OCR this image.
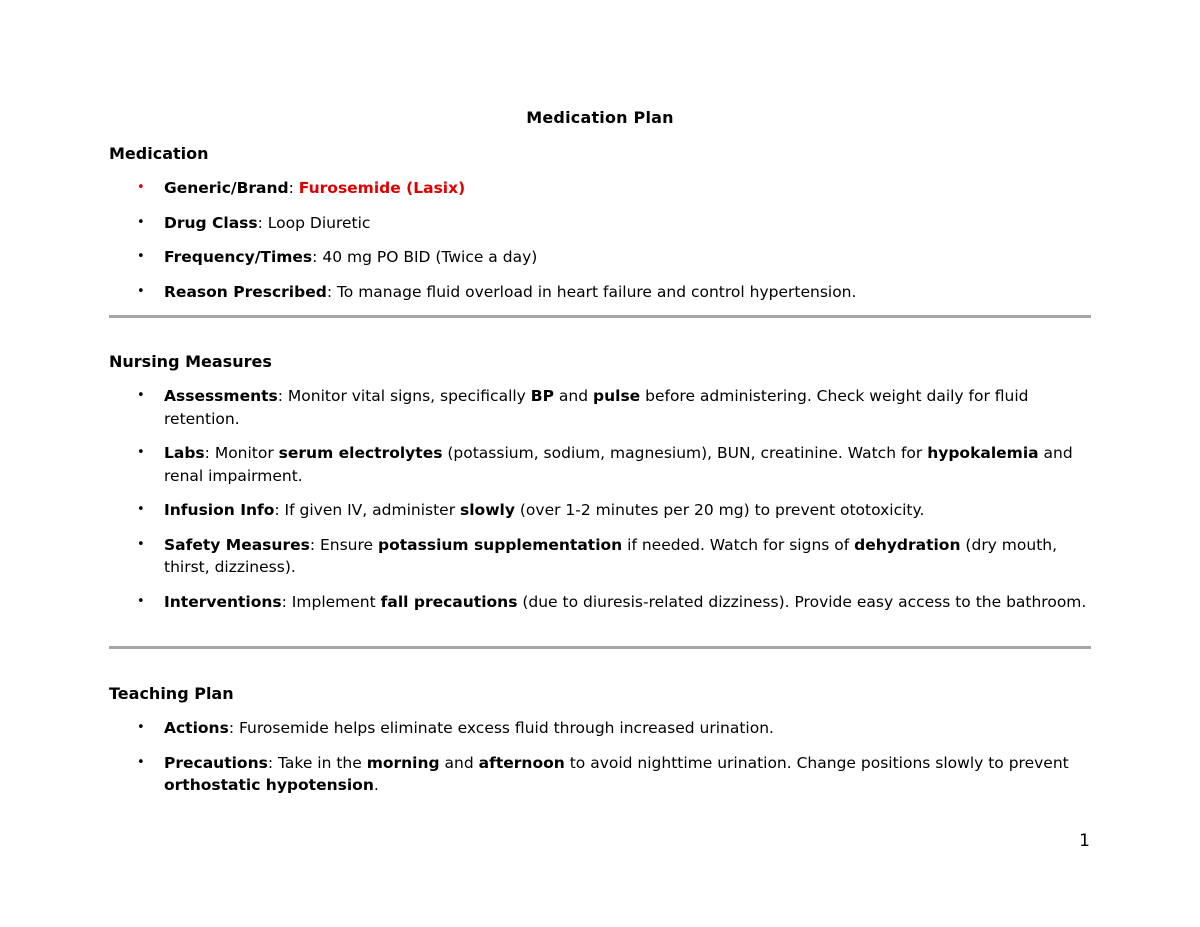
Medication Plan

Medication

• Generic/Brand: Furosemide (Lasix)
• Drug Class: Loop Diuretic
• Frequency/Times: 40 mg PO BID (Twice a day)
• Reason Prescribed: To manage fluid overload in heart failure and control hypertension.

Nursing Measures

• Assessments: Monitor vital signs, specifically BP and pulse before administering. Check weight daily for fluid retention.
• Labs: Monitor serum electrolytes (potassium, sodium, magnesium), BUN, creatinine. Watch for hypokalemia and renal impairment.
• Infusion Info: If given IV, administer slowly (over 1-2 minutes per 20 mg) to prevent ototoxicity.
• Safety Measures: Ensure potassium supplementation if needed. Watch for signs of dehydration (dry mouth, thirst, dizziness).
• Interventions: Implement fall precautions (due to diuresis-related dizziness). Provide easy access to the bathroom.

Teaching Plan

• Actions: Furosemide helps eliminate excess fluid through increased urination.
• Precautions: Take in the morning and afternoon to avoid nighttime urination. Change positions slowly to prevent orthostatic hypotension.
1
